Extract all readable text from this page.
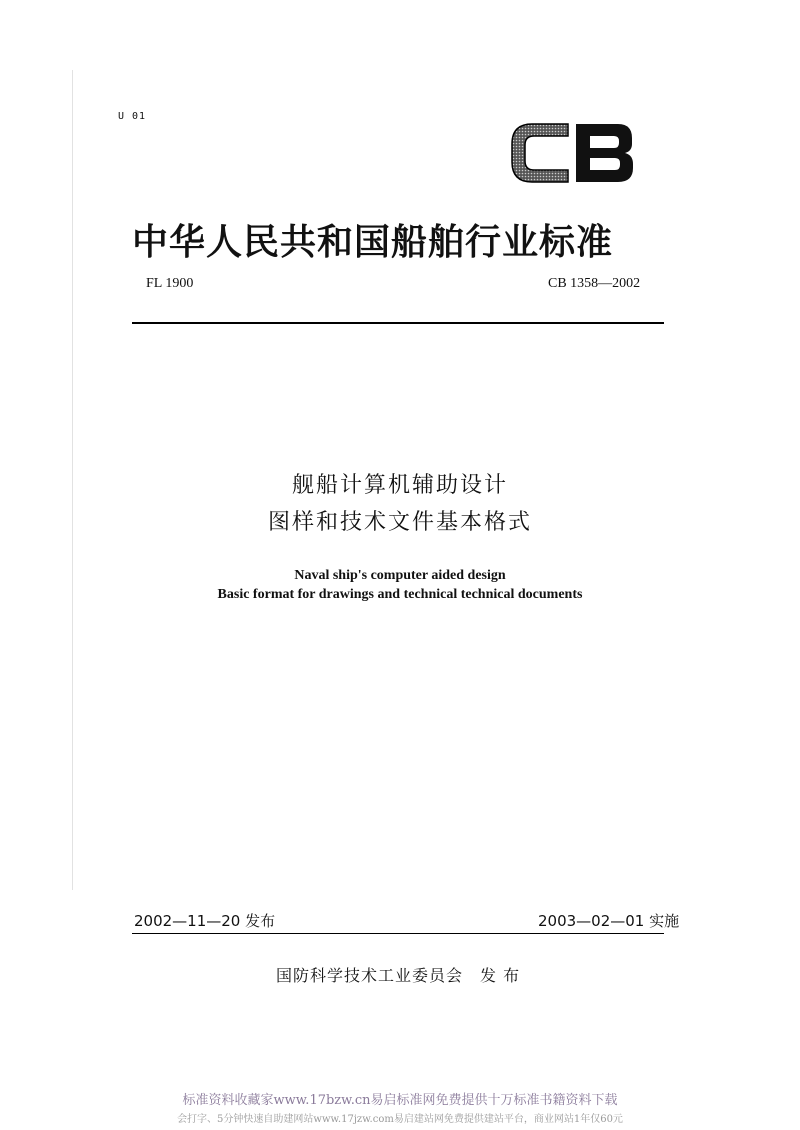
U 01
中华人民共和国船舶行业标准
FL 1900	CB 1358—2002
舰船计算机辅助设计
图样和技术文件基本格式
Naval ship's computer aided design
Basic format for drawings and technical technical documents
2002—11—20 发布	2003—02—01 实施
国防科学技术工业委员会　发 布
标准资料收藏家www.17bzw.cn易启标准网免费提供十万标准书籍资料下载
会打字、5分钟快速自助建网站www.17jzw.com易启建站网免费提供建站平台，商业网站1年仅60元
